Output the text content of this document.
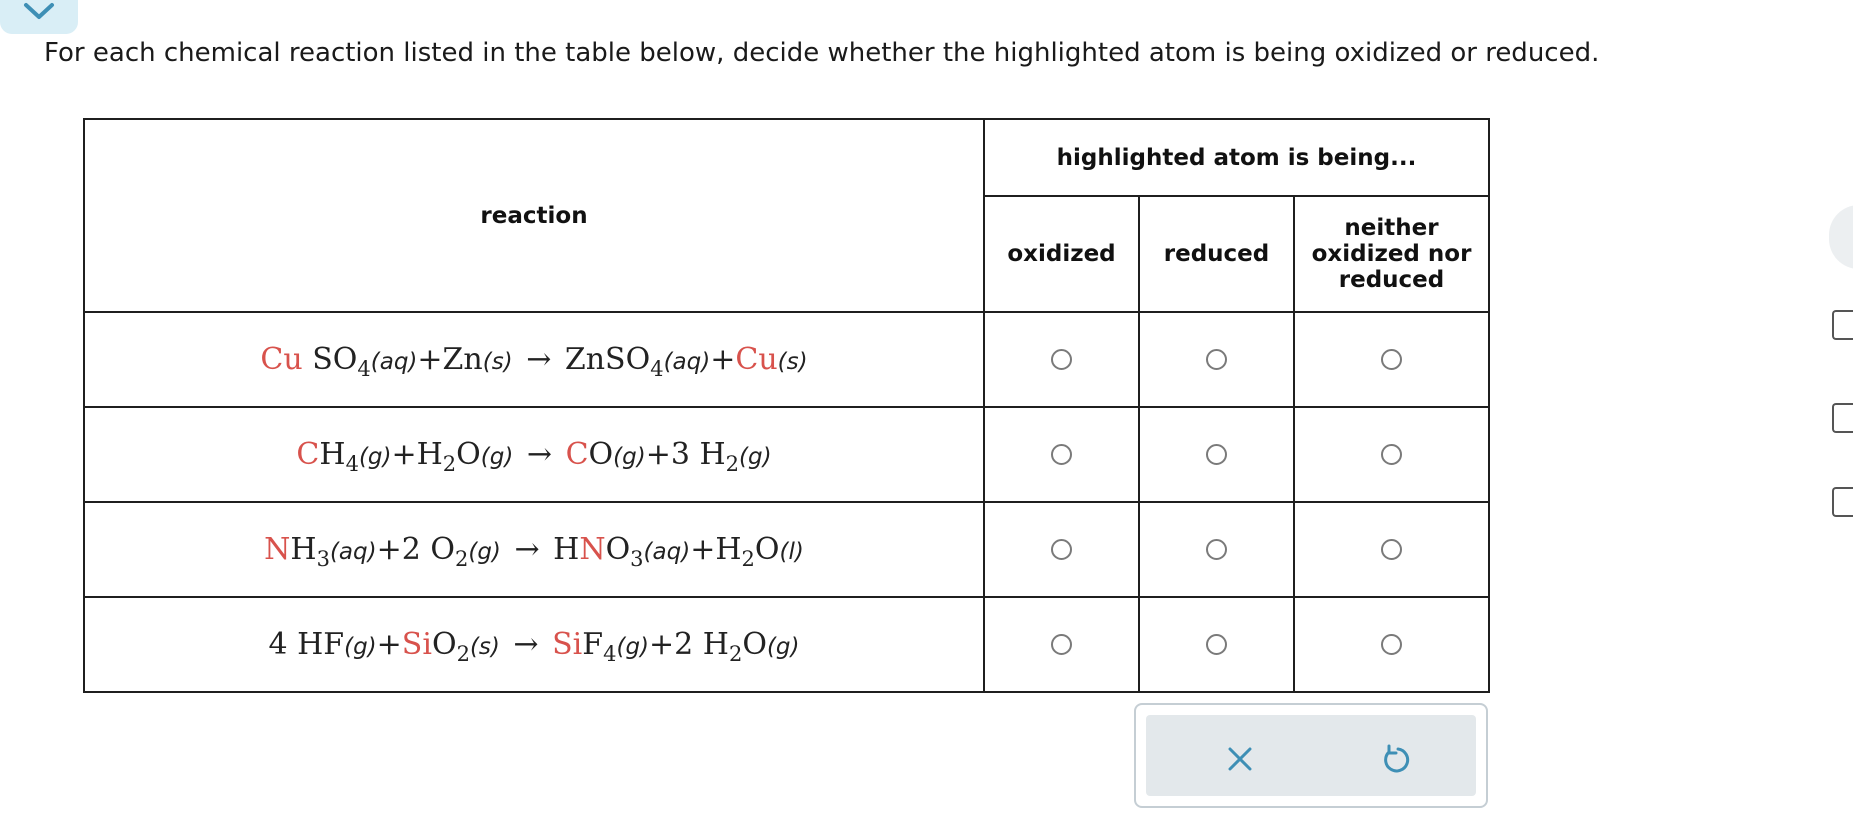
For each chemical reaction listed in the table below, decide whether the highlighted atom is being oxidized or reduced.
reaction	highlighted atom is being...		
	oxidized	reduced	neither
oxidized nor
reduced

Cu $SO_4(aq)+Zn(s)$ → ZnSO$_4$(aq)+Cu(s)			
$CH_4(g)+H_2O(g) \to CO(g)+3$ $H_2(g)$			
$NH_3(aq)+2$ $O_2(g) \to HNO_3(aq)+H_2O(l)$			
4 HF(g)+SiO$_2$(s) → SiF$_4$(g)+2 $H_2O(g)$			
